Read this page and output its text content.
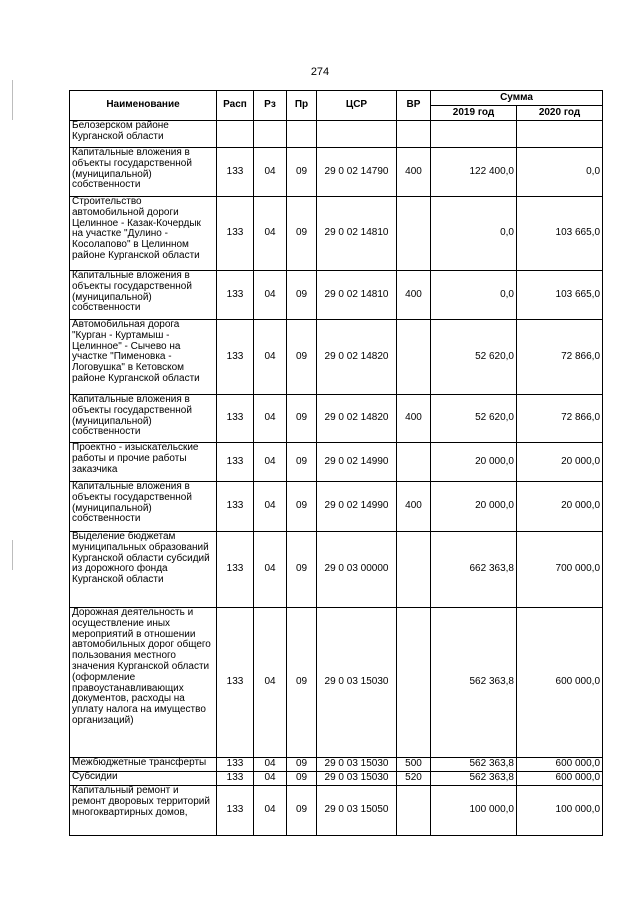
274
Наименование	Расп	Рз	Пр	ЦСР	ВР	Сумма	
						2019 год	2020 год
Белозерском районе Курганской области							
Капитальные вложения в объекты государственной (муниципальной) собственности	133	04	09	29 0 02 14790	400	122 400,0	0,0
Строительство автомобильной дороги Целинное - Казак-Кочердык на участке "Дулино - Косолапово" в Целинном районе Курганской области	133	04	09	29 0 02 14810		0,0	103 665,0
Капитальные вложения в объекты государственной (муниципальной) собственности	133	04	09	29 0 02 14810	400	0,0	103 665,0
Автомобильная дорога "Курган - Куртамыш - Целинное" - Сычево на участке "Пименовка - Логовушка" в Кетовском районе Курганской области	133	04	09	29 0 02 14820		52 620,0	72 866,0
Капитальные вложения в объекты государственной (муниципальной) собственности	133	04	09	29 0 02 14820	400	52 620,0	72 866,0
Проектно - изыскательские работы и прочие работы заказчика	133	04	09	29 0 02 14990		20 000,0	20 000,0
Капитальные вложения в объекты государственной (муниципальной) собственности	133	04	09	29 0 02 14990	400	20 000,0	20 000,0
Выделение бюджетам муниципальных образований Курганской области субсидий из дорожного фонда Курганской области	133	04	09	29 0 03 00000		662 363,8	700 000,0
Дорожная деятельность и осуществление иных мероприятий в отношении автомобильных дорог общего пользования местного значения Курганской области (оформление правоустанавливающих документов, расходы на уплату налога на имущество организаций)	133	04	09	29 0 03 15030		562 363,8	600 000,0
Межбюджетные трансферты	133	04	09	29 0 03 15030	500	562 363,8	600 000,0
Субсидии	133	04	09	29 0 03 15030	520	562 363,8	600 000,0
Капитальный ремонт и ремонт дворовых территорий многоквартирных домов,	133	04	09	29 0 03 15050		100 000,0	100 000,0
